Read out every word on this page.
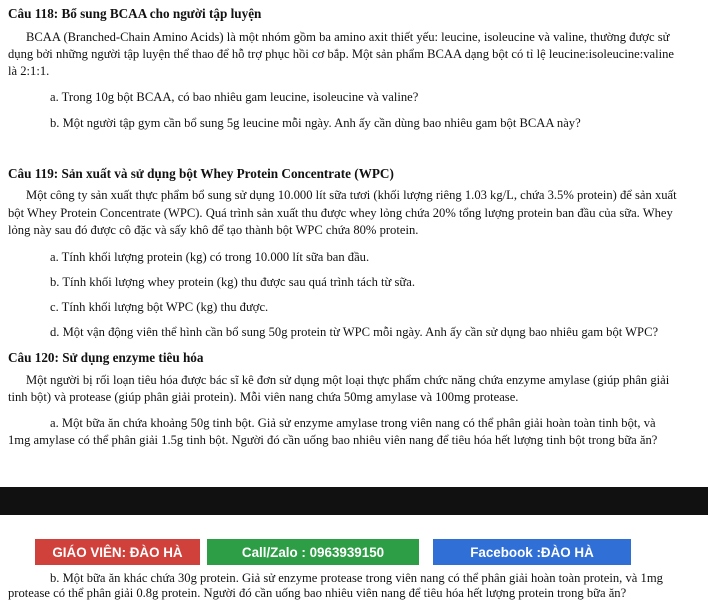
Câu 118: Bổ sung BCAA cho người tập luyện
BCAA (Branched-Chain Amino Acids) là một nhóm gồm ba amino axit thiết yếu: leucine, isoleucine và valine, thường được sử
dụng bởi những người tập luyện thể thao để hỗ trợ phục hồi cơ bắp. Một sản phẩm BCAA dạng bột có tỉ lệ leucine:isoleucine:valine
là 2:1:1.
a. Trong 10g bột BCAA, có bao nhiêu gam leucine, isoleucine và valine?
b. Một người tập gym cần bổ sung 5g leucine mỗi ngày. Anh ấy cần dùng bao nhiêu gam bột BCAA này?
Câu 119: Sản xuất và sử dụng bột Whey Protein Concentrate (WPC)
Một công ty sản xuất thực phẩm bổ sung sử dụng 10.000 lít sữa tươi (khối lượng riêng 1.03 kg/L, chứa 3.5% protein) để sản xuất
bột Whey Protein Concentrate (WPC). Quá trình sản xuất thu được whey lỏng chứa 20% tổng lượng protein ban đầu của sữa. Whey
lỏng này sau đó được cô đặc và sấy khô để tạo thành bột WPC chứa 80% protein.
a. Tính khối lượng protein (kg) có trong 10.000 lít sữa ban đầu.
b. Tính khối lượng whey protein (kg) thu được sau quá trình tách từ sữa.
c. Tính khối lượng bột WPC (kg) thu được.
d. Một vận động viên thể hình cần bổ sung 50g protein từ WPC mỗi ngày. Anh ấy cần sử dụng bao nhiêu gam bột WPC?
Câu 120: Sử dụng enzyme tiêu hóa
Một người bị rối loạn tiêu hóa được bác sĩ kê đơn sử dụng một loại thực phẩm chức năng chứa enzyme amylase (giúp phân giải
tinh bột) và protease (giúp phân giải protein). Mỗi viên nang chứa 50mg amylase và 100mg protease.
a. Một bữa ăn chứa khoảng 50g tinh bột. Giả sử enzyme amylase trong viên nang có thể phân giải hoàn toàn tinh bột, và
1mg amylase có thể phân giải 1.5g tinh bột. Người đó cần uống bao nhiêu viên nang để tiêu hóa hết lượng tinh bột trong bữa ăn?
GIÁO VIÊN: ĐÀO HÀ	Call/Zalo : 0963939150	Facebook :ĐÀO HÀ
b. Một bữa ăn khác chứa 30g protein. Giả sử enzyme protease trong viên nang có thể phân giải hoàn toàn protein, và 1mg
protease có thể phân giải 0.8g protein. Người đó cần uống bao nhiêu viên nang để tiêu hóa hết lượng protein trong bữa ăn?
